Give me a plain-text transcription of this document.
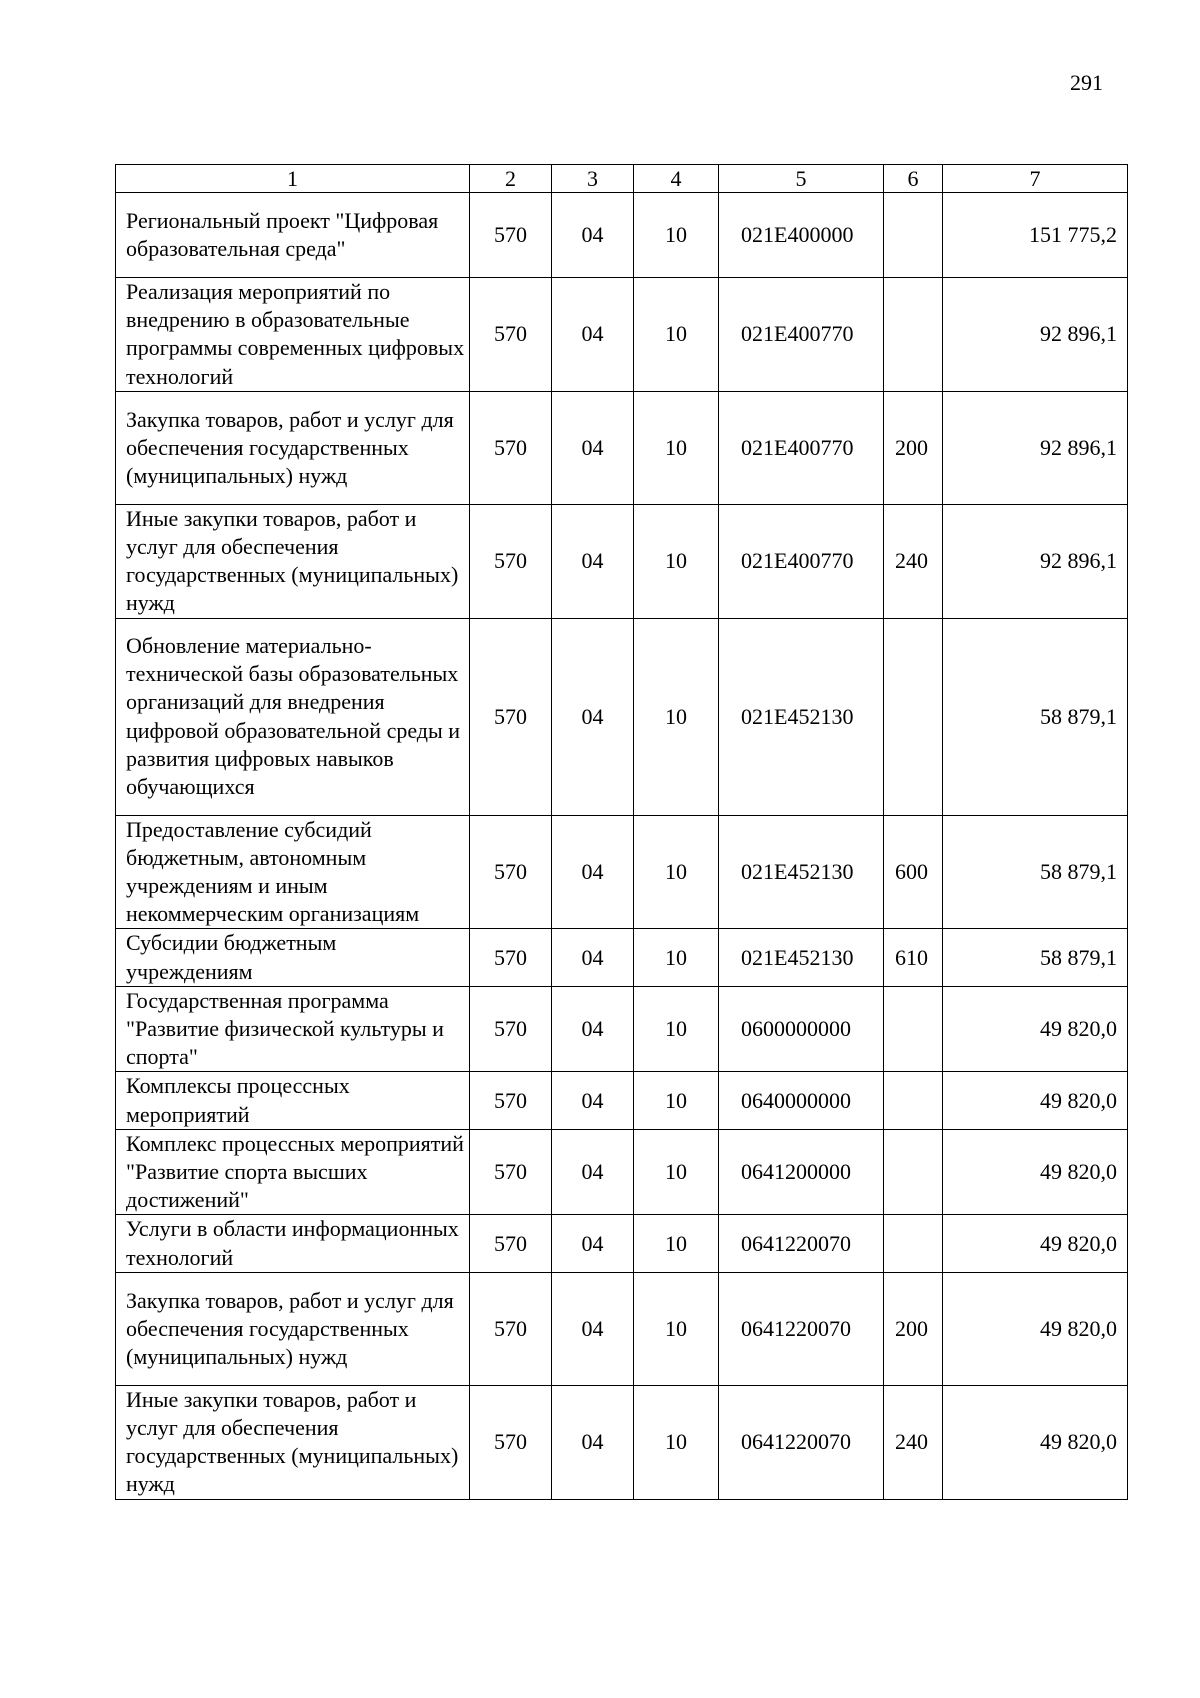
291
1	2	3	4	5	6	7
Региональный проект "Цифровая образовательная среда"	570	04	10	021E400000		151 775,2
Реализация мероприятий по внедрению в образовательные программы современных цифровых технологий	570	04	10	021E400770		92 896,1
Закупка товаров, работ и услуг для обеспечения государственных (муниципальных) нужд	570	04	10	021E400770	200	92 896,1
Иные закупки товаров, работ и услуг для обеспечения государственных (муниципальных) нужд	570	04	10	021E400770	240	92 896,1
Обновление материально-технической базы образовательных организаций для внедрения цифровой образовательной среды и развития цифровых навыков обучающихся	570	04	10	021E452130		58 879,1
Предоставление субсидий бюджетным, автономным учреждениям и иным некоммерческим организациям	570	04	10	021E452130	600	58 879,1
Субсидии бюджетным учреждениям	570	04	10	021E452130	610	58 879,1
Государственная программа "Развитие физической культуры и спорта"	570	04	10	0600000000		49 820,0
Комплексы процессных мероприятий	570	04	10	0640000000		49 820,0
Комплекс процессных мероприятий "Развитие спорта высших достижений"	570	04	10	0641200000		49 820,0
Услуги в области информационных технологий	570	04	10	0641220070		49 820,0
Закупка товаров, работ и услуг для обеспечения государственных (муниципальных) нужд	570	04	10	0641220070	200	49 820,0
Иные закупки товаров, работ и услуг для обеспечения государственных (муниципальных) нужд	570	04	10	0641220070	240	49 820,0
